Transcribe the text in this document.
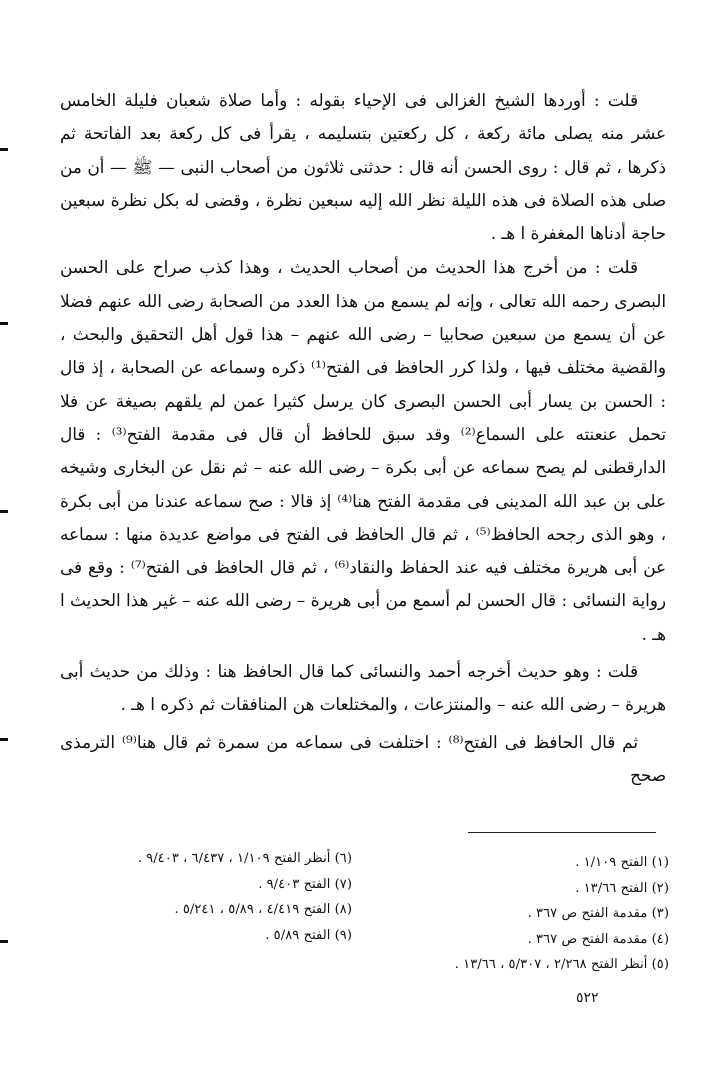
قلت : أوردها الشيخ الغزالى فى الإحياء بقوله : وأما صلاة شعبان فليلة الخامس عشر منه يصلى مائة ركعة ، كل ركعتين بتسليمه ، يقرأ فى كل ركعة بعد الفاتحة ثم ذكرها ، ثم قال : روى الحسن أنه قال : حدثنى ثلاثون من أصحاب النبى — ﷺ — أن من صلى هذه الصلاة فى هذه الليلة نظر الله إليه سبعين نظرة ، وقضى له بكل نظرة سبعين حاجة أدناها المغفرة ا هـ .

قلت : من أخرج هذا الحديث من أصحاب الحديث ، وهذا كذب صراح على الحسن البصرى رحمه الله تعالى ، وإنه لم يسمع من هذا العدد من الصحابة رضى الله عنهم فضلا عن أن يسمع من سبعين صحابيا – رضى الله عنهم – هذا قول أهل التحقيق والبحث ، والقضية مختلف فيها ، ولذا كرر الحافظ فى الفتح⁽¹⁾ ذكره وسماعه عن الصحابة ، إذ قال : الحسن بن يسار أبى الحسن البصرى كان يرسل كثيرا عمن لم يلقهم بصيغة عن فلا تحمل عنعنته على السماع⁽²⁾ وقد سبق للحافظ أن قال فى مقدمة الفتح⁽³⁾ : قال الدارقطنى لم يصح سماعه عن أبى بكرة – رضى الله عنه – ثم نقل عن البخارى وشيخه على بن عبد الله المدينى فى مقدمة الفتح هنا⁽⁴⁾ إذ قالا : صح سماعه عندنا من أبى بكرة ، وهو الذى رجحه الحافظ⁽⁵⁾ ، ثم قال الحافظ فى الفتح فى مواضع عديدة منها : سماعه عن أبى هريرة مختلف فيه عند الحفاظ والنقاد⁽⁶⁾ ، ثم قال الحافظ فى الفتح⁽⁷⁾ : وقع فى رواية النسائى : قال الحسن لم أسمع من أبى هريرة – رضى الله عنه – غير هذا الحديث ا هـ .

قلت : وهو حديث أخرجه أحمد والنسائى كما قال الحافظ هنا : وذلك من حديث أبى هريرة – رضى الله عنه – والمنتزعات ، والمختلعات هن المنافقات ثم ذكره ا هـ .

ثم قال الحافظ فى الفتح⁽⁸⁾ : اختلفت فى سماعه من سمرة ثم قال هنا⁽⁹⁾ الترمذى صحح

(١) الفتح ١/١٠٩ .

(٢) الفتح ١٣/٦٦ .

(٣) مقدمة الفتح ص ٣٦٧ .

(٤) مقدمة الفتح ص ٣٦٧ .

(٥) أنظر الفتح ٢/٢٦٨ ، ٥/٣٠٧ ، ١٣/٦٦ .

(٦) أنظر الفتح ١/١٠٩ ، ٦/٤٣٧ ، ٩/٤٠٣ .

(٧) الفتح ٩/٤٠٣ .

(٨) الفتح ٤/٤١٩ ، ٥/٨٩ ، ٥/٢٤١ .

(٩) الفتح ٥/٨٩ .

٥٢٢
